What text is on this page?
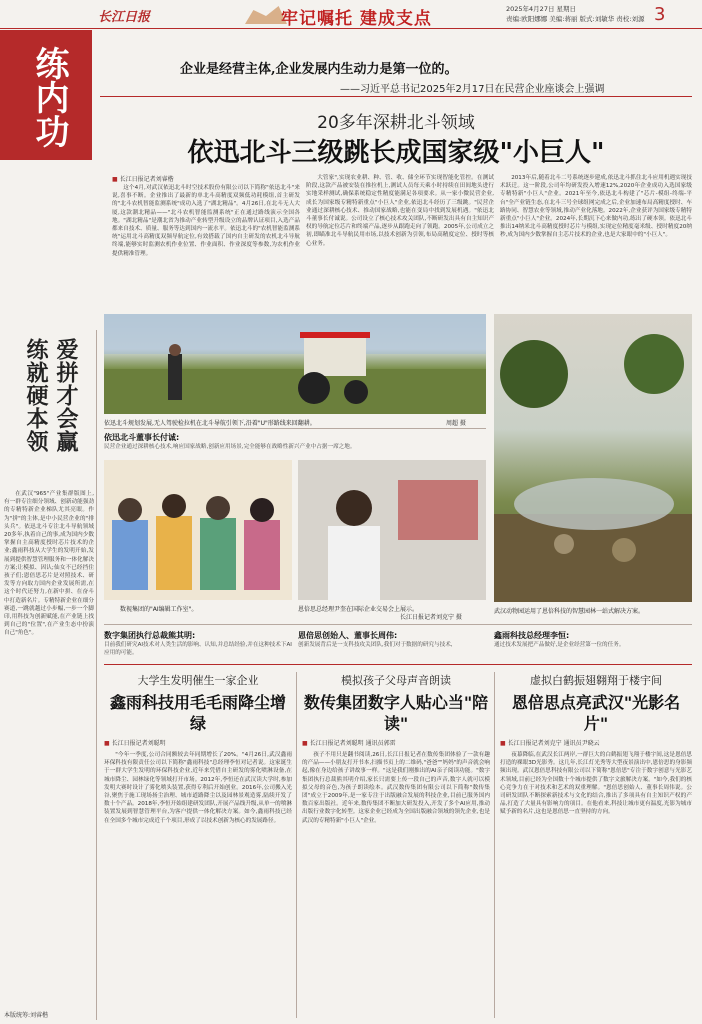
长江日报	牢记嘱托 建成支点	2025年4月27日 星期日
责编:欧阳娜娜 美编:蒋丽 版式:刘敏华 责校:刘源 3
练内功	企业是经营主体,企业发展内生动力是第一位的。
——习近平总书记2025年2月17日在民营企业座谈会上强调
20多年深耕北斗领域
依迅北斗三级跳长成国家级"小巨人"
■ 长江日报记者刘睿楷

这个4月,对武汉依迅北斗时空技术股份有限公司以下简称"依迅北斗"来说,喜事不断。企业推出了最新的单北斗高精度双频低功耗模组,首主研发的"北斗农机智能监测系统"成功入选了"湖北精品"。4月26日,在北斗无人大厦,这款潮北精品——"北斗农机智能监测系统"正在通过路线演示全国各地。"湖北精品"是潮北省为推动产业转型升级设立的品牌认证项目,入选产品都来自技术、质量、服务等达到国内一流水平。依迅北斗的"农机智能监测系统"运用北斗高精度双频导航定位,有效搭载了国内自主研发的农机北斗导航终端,能够实时监测农机作业位置、作业面积、作业深度等参数,为农机作业提供精准管理。

大管家",实现农业耕、种、管、收、储全环节实现智能化管控。在测试阶段,这款产品被安装在推拉机上,测试人员每天乘小时持续在田间地头进行实地采样测试,确保系统稳定性精度能满足各项要求。从一家小微民营企业,成长为国家级专精特新重点"小巨人"企业,依迅北斗经历了三级跳。"民营企业通过深耕核心技术、推动国家战略,也能在变局中找到发展机遇。"依迅北斗董事长付诚说。公司设立了核心技术攻关团队,不断研发出具有自主知识产权的导航定位芯片和终端产品,逐步从跟跑走向了领跑。2005年,公司成立之初,即瞄准北斗导航民用市场,以技术创新为引领,布局高精度定位、授时等核心业务。

2013年后,随着北斗二号系统逐步建成,依迅北斗抓住北斗应用机遇实现技术跃迁。这一阶段,公司年均研发投入增速12%,2020年企业成功入选国家级专精特新"小巨人"企业。2021年至今,依迅北斗构建了"芯片-模组-终端-平台"全产业链生态,在北斗三号全球组网完成之后,企业加速布局高精度授时、车路协同、智慧农业等领域,推动产业化落地。2022年,企业获评为国家级专精特新重点"小巨人"企业。2024年,长期沉下心来做内功,练出了硬本领。依迅北斗推出14纳米北斗高精度授时芯片与模组,实现定位精度毫米级、授时精度20纳秒,成为国内少数掌握自主芯片技术的企业,也是大家眼中的"小巨人"。

爱拼才会赢
练就硬本领

在武汉"965"产业集群版图上,有一群专注细分领域、创新动能强劲的专精特新企业梯队尤其亮眼。作为"拼"的主体,是中小民营企业的"排头兵"。依迅北斗专注北斗导航领域20多年,执着自己的事,成为国内少数掌握自主高精度授时芯片技术的企业;鑫雨科技从大学生的发明开始,发展到提供智慧管理服务和一体化解决方案;让模拟、因认;仙女不已经挡住孩子们;恩倍思芯片是对照技术、研发等方向取力国内企业发展所需,在这个时代还努力,在新中拼、在奋斗中打造新名片。专精特新企业在细分赛道,一跳就越过小步幅,一步一个脚印,用科技为创新赋能,在产业链上找到自己的"位置",在产业生态中扮演自己"角色"。

本版统筹:刘睿楷
依迅北斗规划发展,无人驾驶检拉机在北斗导航引领下,沿着"U"形路线来回翻耕。	周超 摄
武汉动物园运用了恩倍科技的智慧园林一站式解决方案。
依迅北斗董事长付诚:
民营企业通过深耕核心技术,响应国家战略,创新应用场景,完全能够在战略性新兴产业中占据一席之地。
数视集团的"AI编辑工作室"。	恩倍思总经理尹奎在国际企业交易会上展示。
长江日报记者刘克宁 摄
数字集团执行总裁熊其明:
目前我们研究AI技术对人类生活的影响、认知,并总结经验,并在这种技术下AI应用的可能。
恩倍思创始人、董事长周伟:
创新发展背后是一支科技攻关团队,我们对于数据的研究与技术,
鑫雨科技总经理李恒:
通过技术发展把产品做好,是企业经营第一位的任务。
大学生发明催生一家企业
鑫雨科技用毛毛雨降尘增绿
■ 长江日报记者刘聪明

"今年一季度,公司合同额较去年同期增长了20%。"4月26日,武汉鑫雨环保科技有限责任公司以下简称"鑫雨科技"总经理李恒对记者说。这家诞生于一群大学生发明的环保科技企业,近年来凭借自主研发的雾化喷淋设备,在城市降尘、园林绿化等领域打开市场。2012年,李恒还在武汉读大学时,参加发明大赛时设计了雾化喷头装置,获得专利后开始创业。2016年,公司搬入光谷,聚焦于施工现场扬尘治理、城市道路降尘以及园林景观造雾,陆续开发了数十个产品。2018年,李恒开始组建研发团队,开展产品线升级,从单一的喷淋装置发展到智慧管理平台,为客户提供一体化解决方案。如今,鑫雨科技已经在全国多个城市完成近千个项目,形成了以技术创新为核心的发展路径。

模拟孩子父母声音朗读
数传集团数字人贴心当"陪读"
■ 长江日报记者刘聪明 通讯员郭雷

孩子不用只是翻书阅读,26日,长江日报记者在数传集团体验了一款有趣的产品——小朋友打开书本,扫描书页上的二维码,"爸爸""妈妈"的声音就会响起,像在身边给孩子讲故事一样。"这是我们刚推出的AI亲子阅读功能。"数字集团执行总裁熊其明介绍,家长只需要上传一段自己的声音,数字人就可以模拟父母的音色,为孩子朗读绘本。武汉数传集团有限公司以下简称"数传集团"成立于2009年,是一家专注于出版融合发展的科技企业,目前已服务国内数百家出版社。近年来,数传集团不断加大研发投入,开发了多个AI应用,推动出版行业数字化转型。这家企业已经成为全国出版融合领域的领先企业,也是武汉的专精特新"小巨人"企业。

虚拟白鹤振翅翱翔于楼宇间
恩倍思点亮武汉"光影名片"
■ 长江日报记者刘克宁 通讯员尹晓云

夜幕降临,在武汉长江两岸,一群巨大的白鹤振翅飞翔于楼宇间,这是恩倍思打造的裸眼3D光影秀。这几年,长江灯光秀等大型夜景演出中,恩倍思的身影频频出现。武汉恩倍思科技有限公司以下简称"恩倍思"专注于数字创意与光影艺术领域,目前已经为全国数十个城市提供了数字文旅解决方案。"如今,我们的核心竞争力在于对技术和艺术的双重理解。"恩倍思创始人、董事长周伟说。公司研发团队不断探索新技术与文化的结合,推出了多项具有自主知识产权的产品,打造了大量具有影响力的项目。在他看来,科技让城市更有温度,光影为城市赋予新的名片,这也是恩倍思一直坚持的方向。
